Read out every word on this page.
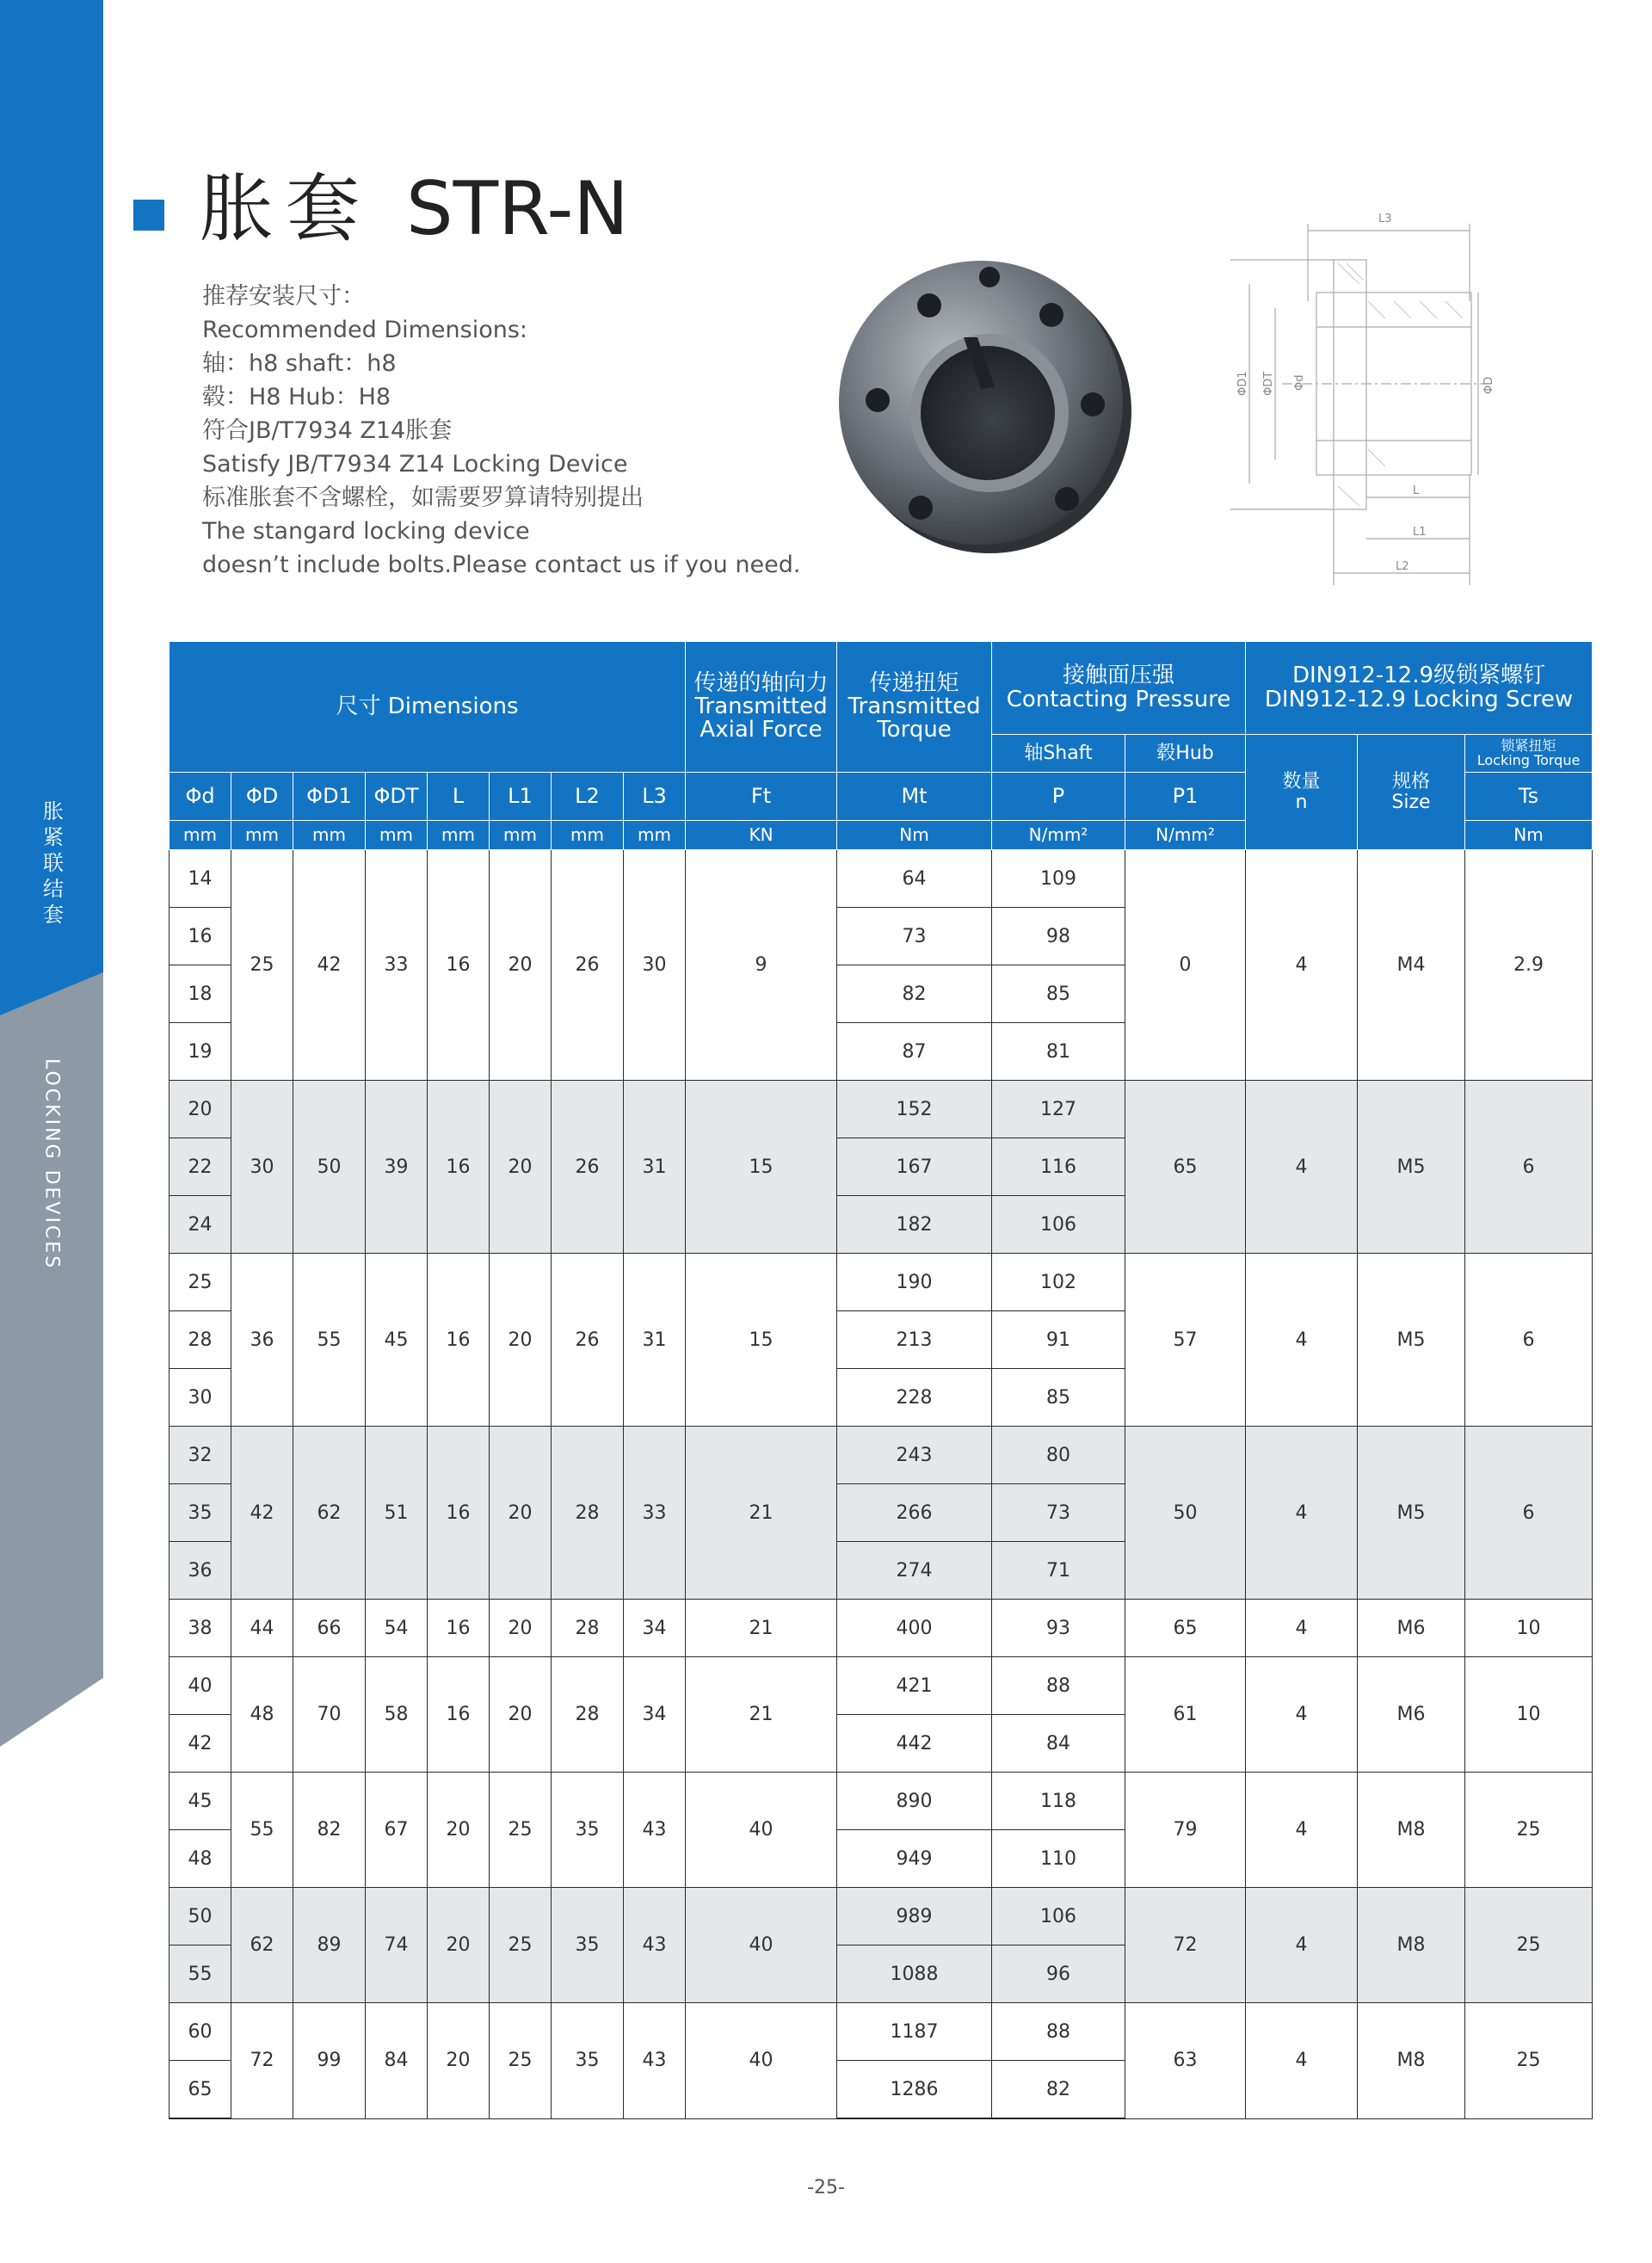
胀紧联结套
LOCKING DEVICES
胀套 STR-N
推荐安装尺寸：
Recommended Dimensions:
轴：h8 shaft：h8
毂：H8 Hub：H8
符合JB/T7934 Z14胀套
Satisfy JB/T7934 Z14 Locking Device
标准胀套不含螺栓，如需要罗算请特别提出
The stangard locking device
doesn’t include bolts.Please contact us if you need.
L3
L
L1
L2
ΦD1 ΦDT Φd	ΦD
尺寸 Dimensions								传递的轴向力
Transmitted
Axial Force	传递扭矩
Transmitted
Torque	接触面压强
Contacting Pressure		DIN912-12.9级锁紧螺钉
DIN912-12.9 Locking Screw		
										轴Shaft	毂Hub	数量
n	规格
Size	锁紧扭矩
Locking Torque
Φd	ΦD	ΦD1	ΦDT	L	L1	L2	L3	Ft	Mt	P	P1			Ts
mm	mm	mm	mm	mm	mm	mm	mm	KN	Nm	N/mm²	N/mm²			Nm
14	25	42	33	16	20	26	30	9	64	109	0	4	M4	2.9
16									73	98				
18									82	85				
19									87	81				
20	30	50	39	16	20	26	31	15	152	127	65	4	M5	6
22									167	116				
24									182	106				
25	36	55	45	16	20	26	31	15	190	102	57	4	M5	6
28									213	91				
30									228	85				
32	42	62	51	16	20	28	33	21	243	80	50	4	M5	6
35									266	73				
36									274	71				
38	44	66	54	16	20	28	34	21	400	93	65	4	M6	10
40	48	70	58	16	20	28	34	21	421	88	61	4	M6	10
42									442	84				
45	55	82	67	20	25	35	43	40	890	118	79	4	M8	25
48									949	110				
50	62	89	74	20	25	35	43	40	989	106	72	4	M8	25
55									1088	96				
60	72	99	84	20	25	35	43	40	1187	88	63	4	M8	25
65									1286	82				
-25-
